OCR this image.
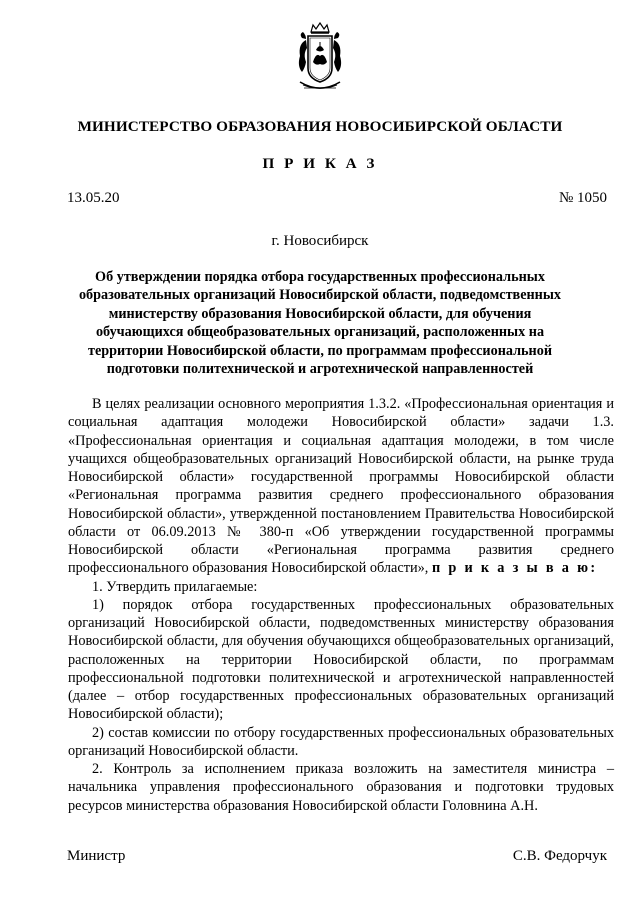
МИНИСТЕРСТВО ОБРАЗОВАНИЯ НОВОСИБИРСКОЙ ОБЛАСТИ
П Р И К А З
13.05.20	№ 1050
г. Новосибирск
Об утверждении порядка отбора государственных профессиональных образовательных организаций Новосибирской области, подведомственных министерству образования Новосибирской области, для обучения обучающихся общеобразовательных организаций, расположенных на территории Новосибирской области, по программам профессиональной подготовки политехнической и агротехнической направленностей

В целях реализации основного мероприятия 1.3.2. «Профессиональная ориентация и социальная адаптация молодежи Новосибирской области» задачи 1.3. «Профессиональная ориентация и социальная адаптация молодежи, в том числе учащихся общеобразовательных организаций Новосибирской области, на рынке труда Новосибирской области» государственной программы Новосибирской области «Региональная программа развития среднего профессионального образования Новосибирской области», утвержденной постановлением Правительства Новосибирской области от 06.09.2013 № 380-п «Об утверждении государственной программы Новосибирской области «Региональная программа развития среднего профессионального образования Новосибирской области», п р и к а з ы в а ю:

1. Утвердить прилагаемые:

1) порядок отбора государственных профессиональных образовательных организаций Новосибирской области, подведомственных министерству образования Новосибирской области, для обучения обучающихся общеобразовательных организаций, расположенных на территории Новосибирской области, по программам профессиональной подготовки политехнической и агротехнической направленностей (далее – отбор государственных профессиональных образовательных организаций Новосибирской области);

2) состав комиссии по отбору государственных профессиональных образовательных организаций Новосибирской области.

2. Контроль за исполнением приказа возложить на заместителя министра – начальника управления профессионального образования и подготовки трудовых ресурсов министерства образования Новосибирской области Головнина А.Н.

Министр	С.В. Федорчук
